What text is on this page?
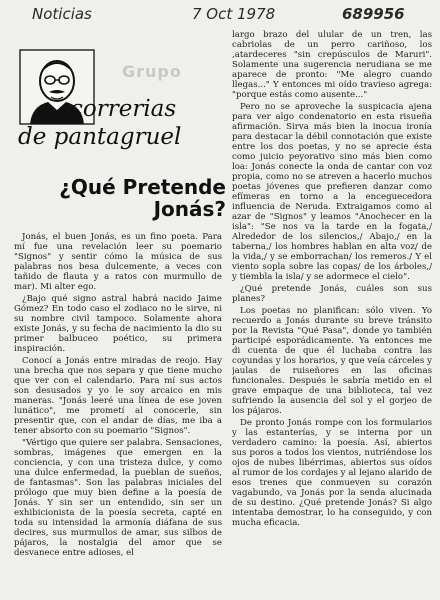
Noticias	7 Oct 1978	689956
Grupo
correrias
de pantagruel
¿Qué Pretende Jonás?

Jonás, el buen Jonás, es un fino poeta. Para mí fue una revelación leer su poemario "Signos" y sentir cómo la música de sus palabras nos besa dulcemente, a veces con tañido de flauta y a ratos con murmullo de mar). Mi alter ego.

¿Bajo qué signo astral habrá nacido Jaime Gómez? En todo caso el zodiaco no le sirve, ni su nombre civil tampoco. Solamente ahora existe Jonás, y su fecha de nacimiento la dio su primer balbuceo poético, su primera inspiración.

Conocí a Jonás entre miradas de reojo. Hay una brecha que nos separa y que tiene mucho que ver con el calendario. Para mí sus actos son desusados y yo le soy arcaico en mis maneras. "Jonás leeré una línea de ese joven lunático", me prometí al conocerle, sin presentir que, con el andar de días, me iba a tener absorto con su poemario "Signos".

"Vértigo que quiere ser palabra. Sensaciones, sombras, imágenes que emergen en la conciencia, y con una tristeza dulce, y como una dulce enfermedad, la pueblan de sueños, de fantasmas". Son las palabras iniciales del prólogo que muy bien define a la poesía de Jonás. Y sin ser un entendido, sin ser un exhibicionista de la poesía secreta, capté en toda su intensidad la armonía diáfana de sus decires, sus murmullos de amar, sus silbos de pájaros, la nostalgia del amor que se desvanece entre adioses, el

largo brazo del ulular de un tren, las cabriolas de un perro cariñoso, los ,atardeceres "sin crepúsculos de Maruri". Solamente una sugerencia nerudiana se me aparece de pronto: "Me alegro cuando llegas..." Y entonces mi oído travieso agrega: "porque estás como ausente..."

Pero no se aproveche la suspicacia ajena para ver algo condenatorio en esta risueña afirmación. Sirva más bien la inocua ironía para destacar la débil connotación que existe entre los dos poetas, y no se aprecie ésta como juicio peyorativo sino más bien como loa: Jonás conecte la onda de cantar con voz propia, como no se atreven a hacerlo muchos poetas jóvenes que prefieren danzar como efímeras en torno a la enceguecedora influencia de Neruda. Extraigamos como al azar de "Signos" y leamos "Anochecer en la isla": "Se nos va la tarde en la fogata,/ Alrededor de los silencios,/ Abajo,/ en la taberna,/ los hombres hablan en alta voz/ de la vida,/ y se emborrachan/ los remeros./ Y el viento sopla sobre las copas/ de los árboles,/ y tiembla la isla/ y se adormece el cielo".

¿Qué pretende Jonás, cuáles son sus planes?

Los poetas no planifican: sólo viven. Yo recuerdo a Jonás durante su breve tránsito por la Revista "Qué Pasa", donde yo también participé esporádicamente. Ya entonces me di cuenta de que él luchaba contra las coyundas y los horarios, y que veía cárceles y jaulas de ruiseñores en las oficinas funcionales. Después le sabría metido en el grave empaque de una biblioteca, tal vez sufriendo la ausencia del sol y el gorjeo de los pájaros.

De pronto Jonás rompe con los formularios y las estanterías, y se interna por un verdadero camino: la poesía. Así, abiertos sus poros a todos los vientos, nutriéndose los ojos de nubes libérrimas, abiertos sus oídos al rumor de los cordajes y al lejano alarido de esos trenes que conmueven su corazón vagabundo, va Jonás por la senda alucinada de su destino. ¿Qué pretende Jonás? Si algo intentaba demostrar, lo ha conseguido, y con mucha eficacia.
